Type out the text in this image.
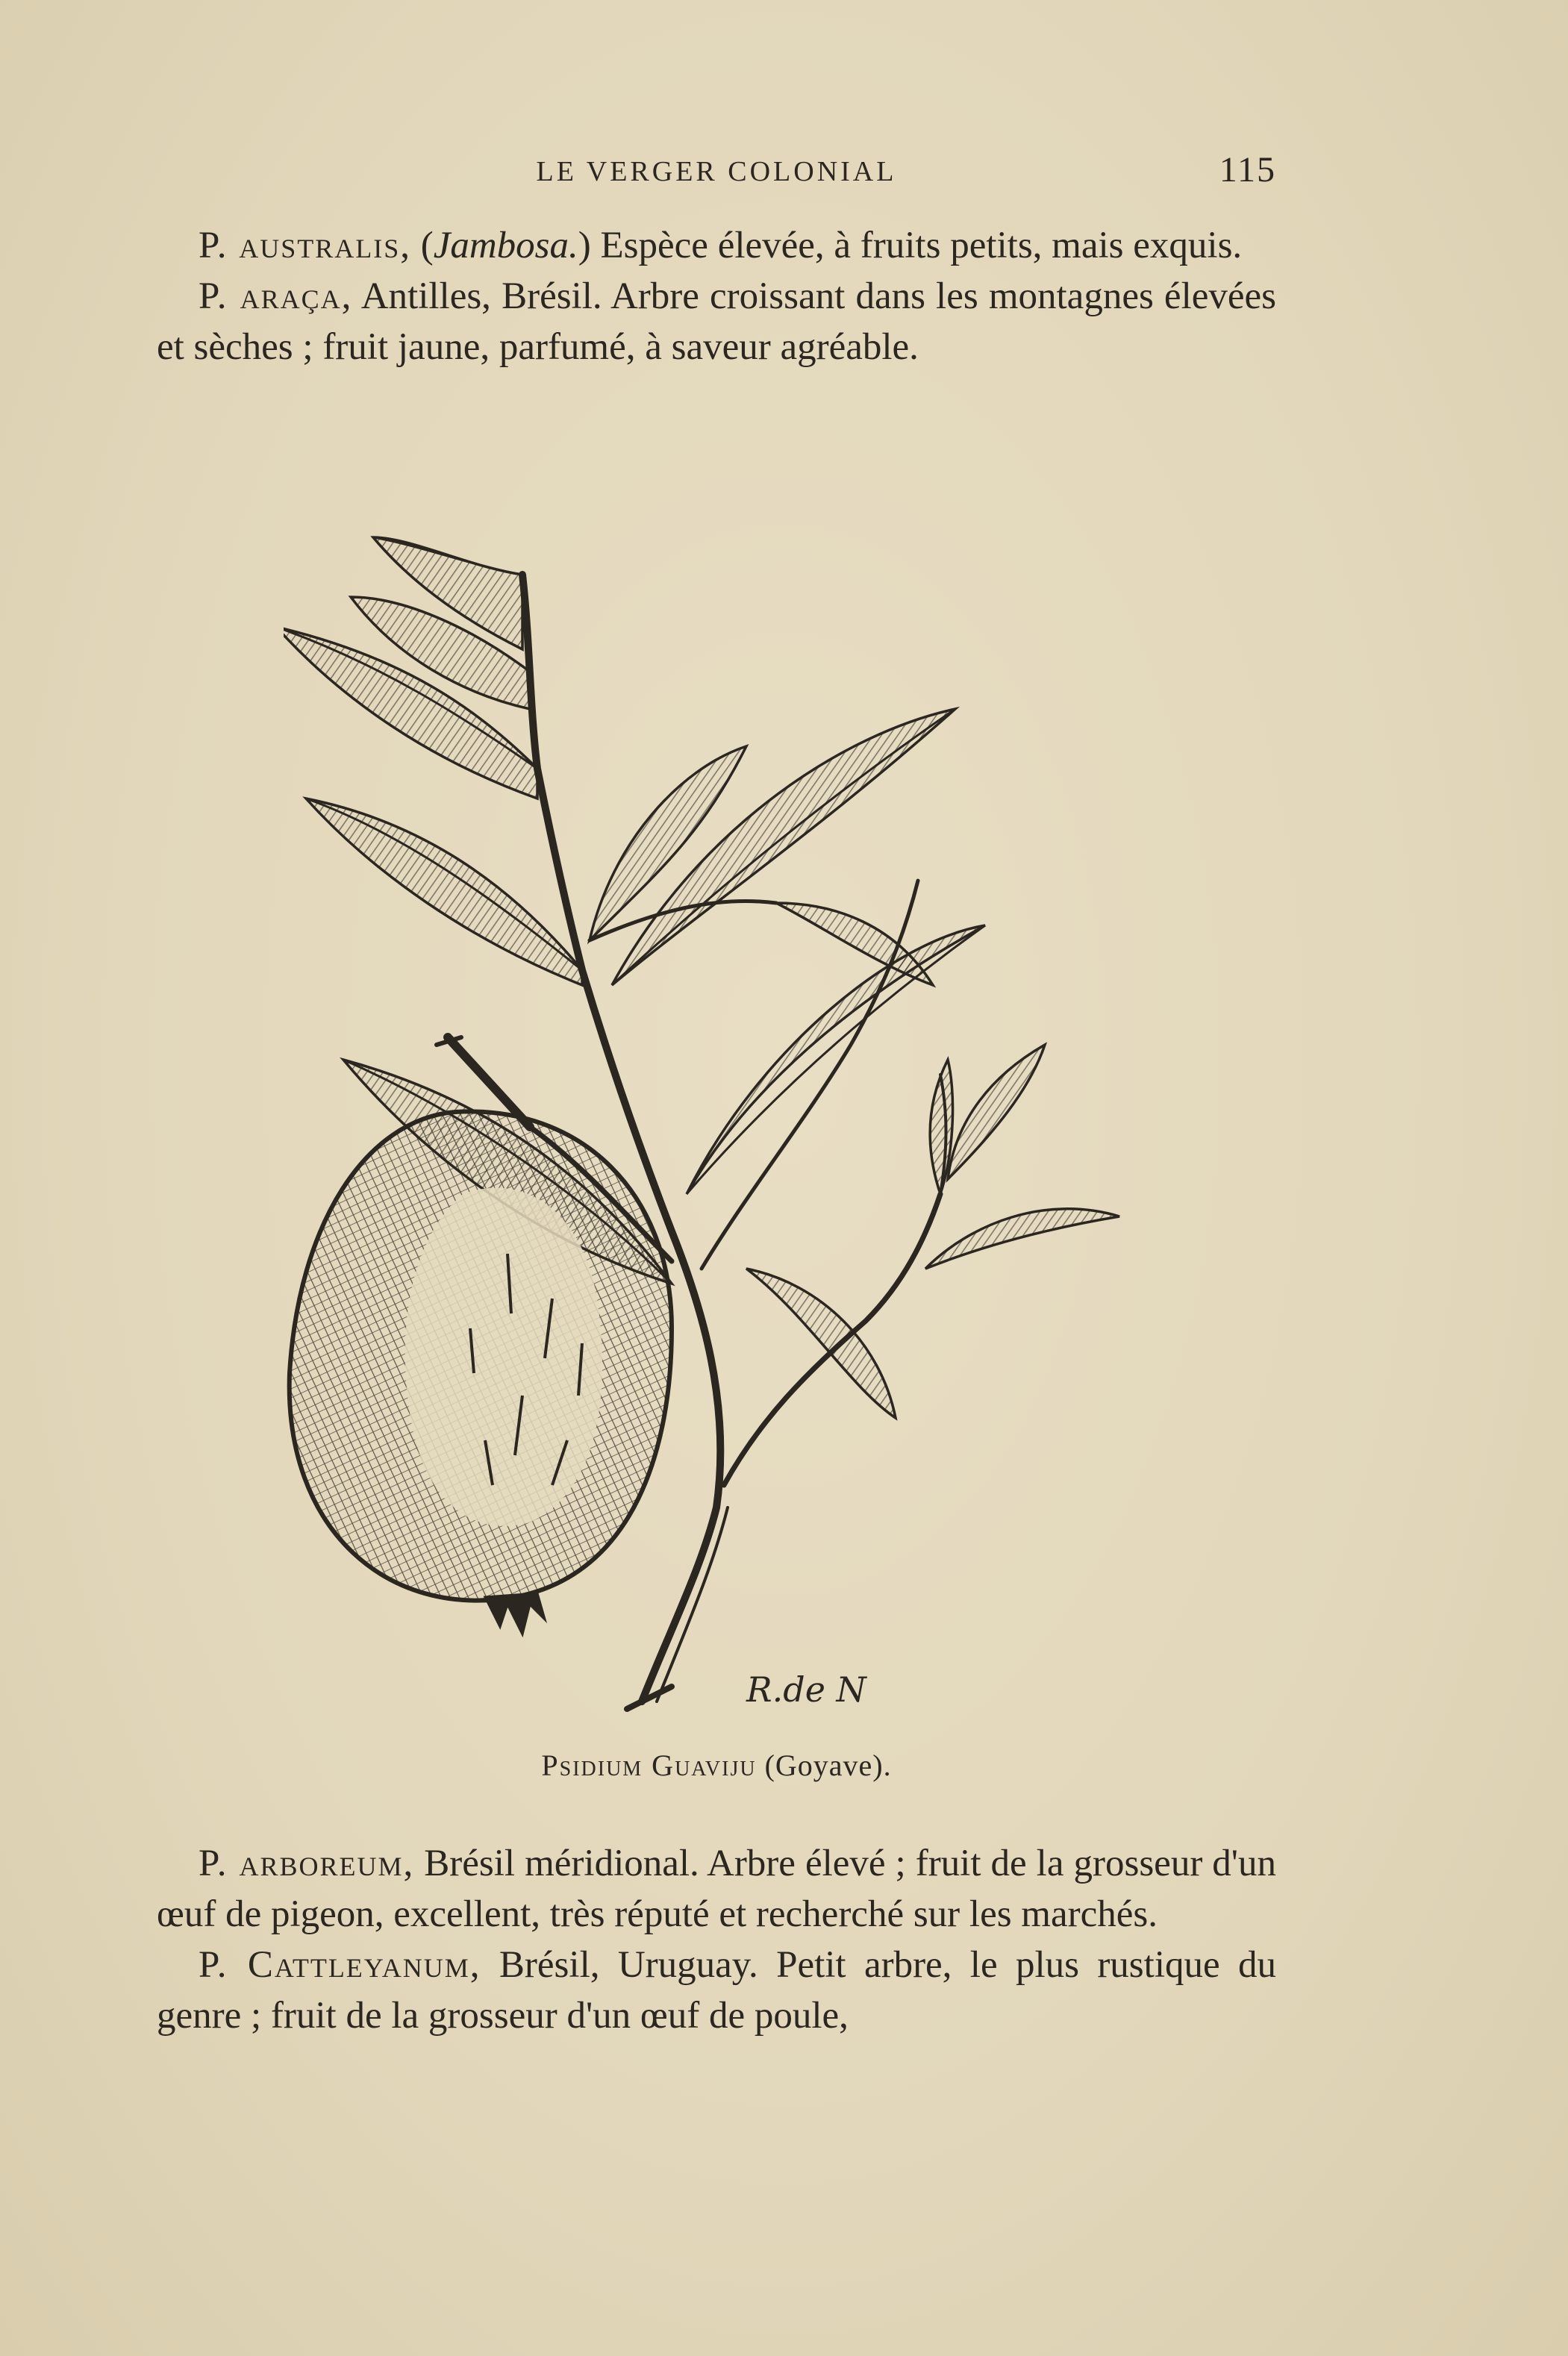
LE VERGER COLONIAL	115

P. australis, (Jambosa.) Espèce élevée, à fruits petits, mais exquis.

P. araça, Antilles, Brésil. Arbre croissant dans les montagnes élevées et sèches ; fruit jaune, parfumé, à saveur agréable.

R.de N
Psidium Guaviju (Goyave).

P. arboreum, Brésil méridional. Arbre élevé ; fruit de la grosseur d'un œuf de pigeon, excellent, très réputé et recherché sur les marchés.

P. Cattleyanum, Brésil, Uruguay. Petit arbre, le plus rustique du genre ; fruit de la grosseur d'un œuf de poule,
